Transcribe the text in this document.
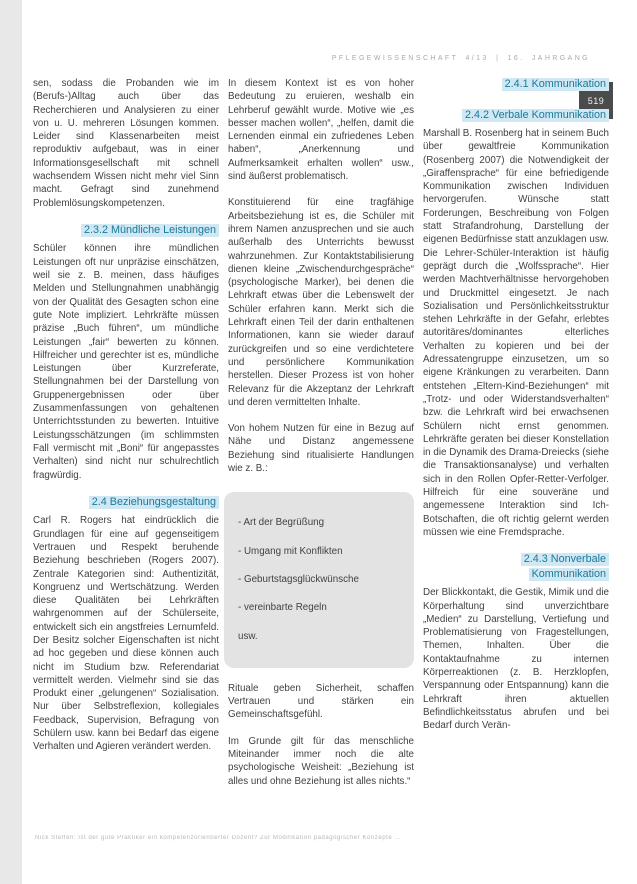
PFLEGEWISSENSCHAFT 4/13 | 16. JAHRGANG
519

sen, sodass die Probanden wie im (Berufs-)Alltag auch über das Recherchieren und Analysieren zu einer von u. U. mehreren Lösungen kommen. Leider sind Klassenarbeiten meist reproduktiv aufgebaut, was in einer Informationsgesellschaft mit schnell wachsendem Wissen nicht mehr viel Sinn macht. Gefragt sind zunehmend Problemlösungskompetenzen.

2.3.2 Mündliche Leistungen

Schüler können ihre mündlichen Leistungen oft nur unpräzise einschätzen, weil sie z. B. meinen, dass häufiges Melden und Stellungnahmen unabhängig von der Qualität des Gesagten schon eine gute Note impliziert. Lehrkräfte müssen präzise „Buch führen“, um mündliche Leistungen „fair“ bewerten zu können. Hilfreicher und gerechter ist es, mündliche Leistungen über Kurzreferate, Stellungnahmen bei der Darstellung von Gruppenergebnissen oder über Zusammenfassungen von gehaltenen Unterrichtsstunden zu bewerten. Intuitive Leistungsschätzungen (im schlimmsten Fall vermischt mit „Boni“ für angepasstes Verhalten) sind nicht nur schulrechtlich fragwürdig.

2.4 Beziehungsgestaltung

Carl R. Rogers hat eindrücklich die Grundlagen für eine auf gegenseitigem Vertrauen und Respekt beruhende Beziehung beschrieben (Rogers 2007). Zentrale Kategorien sind: Authentizität, Kongruenz und Wertschätzung. Werden diese Qualitäten bei Lehrkräften wahrgenommen auf der Schülerseite, entwickelt sich ein angstfreies Lernumfeld. Der Besitz solcher Eigenschaften ist nicht ad hoc gegeben und diese können auch nicht im Studium bzw. Referendariat vermittelt werden. Vielmehr sind sie das Produkt einer „gelungenen“ Sozialisation. Nur über Selbstreflexion, kollegiales Feedback, Supervision, Befragung von Schülern usw. kann bei Bedarf das eigene Verhalten und Agieren verändert werden.

In diesem Kontext ist es von hoher Bedeutung zu eruieren, weshalb ein Lehrberuf gewählt wurde. Motive wie „es besser machen wollen“, „helfen, damit die Lernenden einmal ein zufriedenes Leben haben“, „Anerkennung und Aufmerksamkeit erhalten wollen“ usw., sind äußerst problematisch.

Konstituierend für eine tragfähige Arbeitsbeziehung ist es, die Schüler mit ihrem Namen anzusprechen und sie auch außerhalb des Unterrichts bewusst wahrzunehmen. Zur Kontaktstabilisierung dienen kleine „Zwischendurchgespräche“ (psychologische Marker), bei denen die Lehrkraft etwas über die Lebenswelt der Schüler erfahren kann. Merkt sich die Lehrkraft einen Teil der darin enthaltenen Informationen, kann sie wieder darauf zurückgreifen und so eine verdichtetere und persönlichere Kommunikation herstellen. Dieser Prozess ist von hoher Relevanz für die Akzeptanz der Lehrkraft und deren vermittelten Inhalte.

Von hohem Nutzen für eine in Bezug auf Nähe und Distanz angemessene Beziehung sind ritualisierte Handlungen wie z. B.:

- Art der Begrüßung
- Umgang mit Konflikten
- Geburtstagsglückwünsche
- vereinbarte Regeln
usw.

Rituale geben Sicherheit, schaffen Vertrauen und stärken ein Gemeinschaftsgefühl.

Im Grunde gilt für das menschliche Miteinander immer noch die alte psychologische Weisheit: „Beziehung ist alles und ohne Beziehung ist alles nichts.“

2.4.1 Kommunikation
2.4.2 Verbale Kommunikation

Marshall B. Rosenberg hat in seinem Buch über gewaltfreie Kommunikation (Rosenberg 2007) die Notwendigkeit der „Giraffensprache“ für eine befriedigende Kommunikation zwischen Individuen hervorgerufen. Wünsche statt Forderungen, Beschreibung von Folgen statt Strafandrohung, Darstellung der eigenen Bedürfnisse statt anzuklagen usw. Die Lehrer-Schüler-Interaktion ist häufig geprägt durch die „Wolfssprache“. Hier werden Machtverhältnisse hervorgehoben und Druckmittel eingesetzt. Je nach Sozialisation und Persönlichkeitsstruktur stehen Lehrkräfte in der Gefahr, erlebtes autoritäres/dominantes elterliches Verhalten zu kopieren und bei der Adressatengruppe einzusetzen, um so eigene Kränkungen zu verarbeiten. Dann entstehen „Eltern-Kind-Beziehungen“ mit „Trotz- und oder Widerstandsverhalten“ bzw. die Lehrkraft wird bei erwachsenen Schülern nicht ernst genommen. Lehrkräfte geraten bei dieser Konstellation in die Dynamik des Drama-Dreiecks (siehe die Transaktionsanalyse) und verhalten sich in den Rollen Opfer-Retter-Verfolger. Hilfreich für eine souveräne und angemessene Interaktion sind Ich-Botschaften, die oft richtig gelernt werden müssen wie eine Fremdsprache.

2.4.3 Nonverbale Kommunikation

Der Blickkontakt, die Gestik, Mimik und die Körperhaltung sind unverzichtbare „Medien“ zu Darstellung, Vertiefung und Problematisierung von Fragestellungen, Themen, Inhalten. Über die Kontaktaufnahme zu internen Körperreaktionen (z. B. Herzklopfen, Verspannung oder Entspannung) kann die Lehrkraft ihren aktuellen Befindlichkeitsstatus abrufen und bei Bedarf durch Verän-

Nick Steffen: Ist der gute Praktiker ein kompetenzorientierter Dozent? Zur Modifikation pädagogischer Konzepte …
